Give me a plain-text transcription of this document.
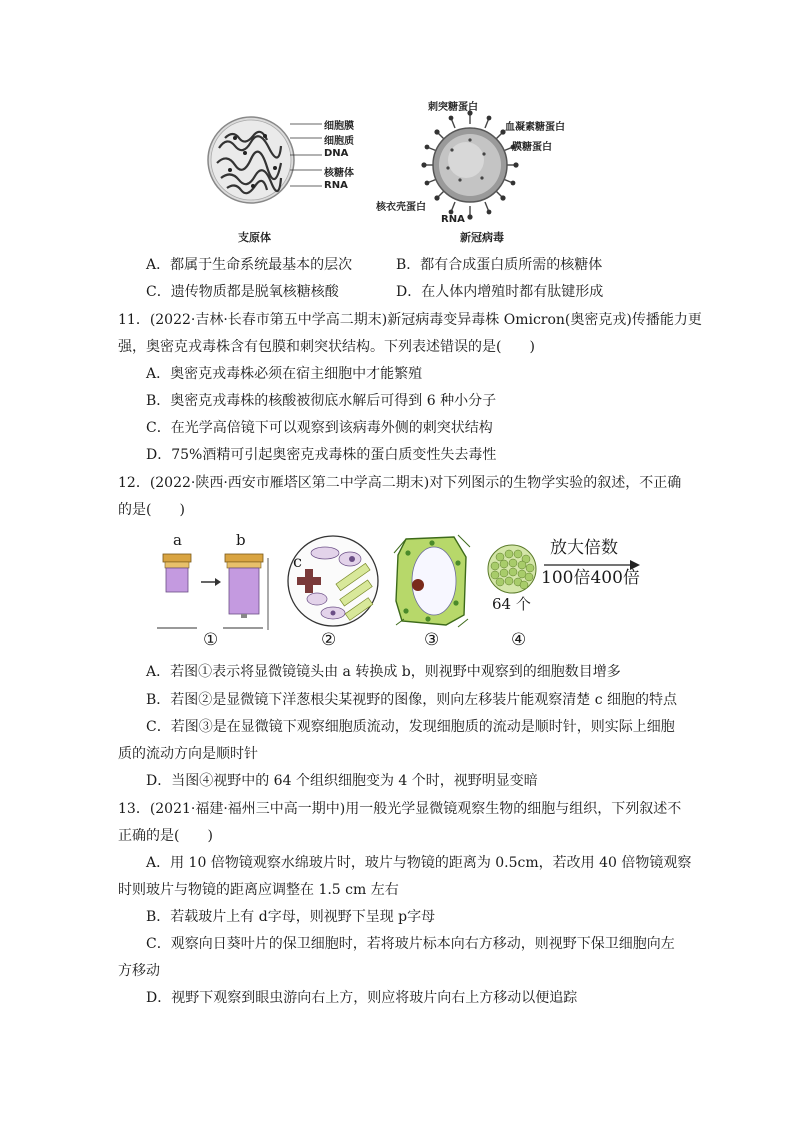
细胞膜
细胞质
DNA
核糖体
RNA
支原体
刺突糖蛋白
血凝素糖蛋白
膜糖蛋白
核衣壳蛋白
RNA
新冠病毒
A．都属于生命系统最基本的层次	B．都有合成蛋白质所需的核糖体
C．遗传物质都是脱氧核糖核酸	D．在人体内增殖时都有肽键形成
11．(2022·吉林·长春市第五中学高二期末)新冠病毒变异毒株 Omicron(奥密克戎)传播能力更
强，奥密克戎毒株含有包膜和刺突状结构。下列表述错误的是(　　)
A．奥密克戎毒株必须在宿主细胞中才能繁殖
B．奥密克戎毒株的核酸被彻底水解后可得到 6 种小分子
C．在光学高倍镜下可以观察到该病毒外侧的刺突状结构
D．75%酒精可引起奥密克戎毒株的蛋白质变性失去毒性
12．(2022·陕西·西安市雁塔区第二中学高二期末)对下列图示的生物学实验的叙述，不正确
的是(　　)
a	b
c
放大倍数
100倍400倍
64 个
①	②	③	④
A．若图①表示将显微镜镜头由 a 转换成 b，则视野中观察到的细胞数目增多
B．若图②是显微镜下洋葱根尖某视野的图像，则向左移装片能观察清楚 c 细胞的特点
C．若图③是在显微镜下观察细胞质流动，发现细胞质的流动是顺时针，则实际上细胞
质的流动方向是顺时针
D．当图④视野中的 64 个组织细胞变为 4 个时，视野明显变暗
13．(2021·福建·福州三中高一期中)用一般光学显微镜观察生物的细胞与组织，下列叙述不
正确的是(　　)
A．用 10 倍物镜观察水绵玻片时，玻片与物镜的距离为 0.5cm，若改用 40 倍物镜观察
时则玻片与物镜的距离应调整在 1.5 cm 左右
B．若载玻片上有 d字母，则视野下呈现 p字母
C．观察向日葵叶片的保卫细胞时，若将玻片标本向右方移动，则视野下保卫细胞向左
方移动
D．视野下观察到眼虫游向右上方，则应将玻片向右上方移动以便追踪
